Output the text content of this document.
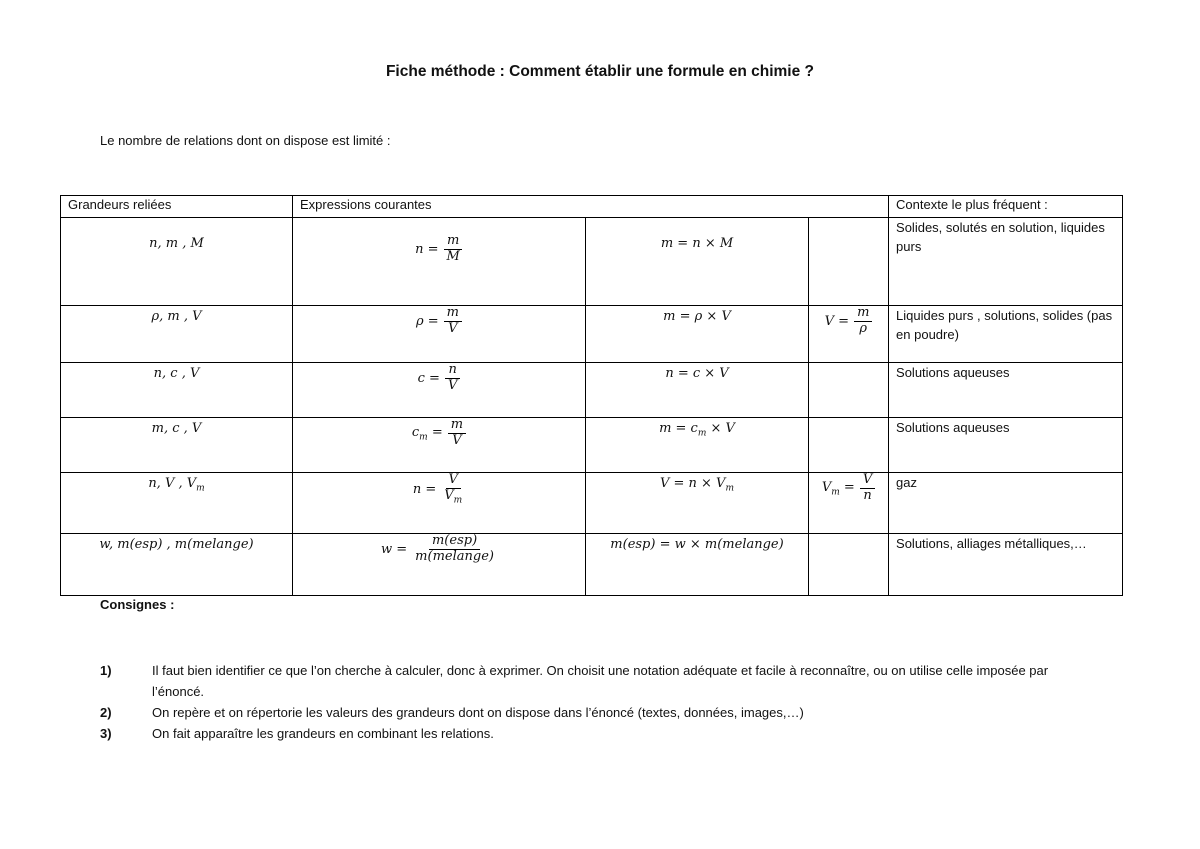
Fiche méthode : Comment établir une formule en chimie ?
Le nombre de relations dont on dispose est limité :
Grandeurs reliées	Expressions courantes			Contexte le plus fréquent :
n, m , M	$n = \frac{m}{M}$	m = n × M		Solides, solutés en solution, liquides purs
ρ, m , V	$\rho = \frac{m}{V}$	m = ρ × V	$V = \frac{m}{\rho}$	Liquides purs , solutions, solides (pas en poudre)
n, c , V	$c = \frac{n}{V}$	n = c × V		Solutions aqueuses
m, c , V	$c_m = \frac{m}{V}$	$m = c_m \times V$		Solutions aqueuses
n, V , $V_m$	$n = \frac{V}{V_m}$	$V = n \times V_m$	$V_m = \frac{V}{n}$	gaz
w, m(esp) , m(melange)	$w = \frac{\text{m(esp)}}{\text{m(melange)}}$	m(esp) = w × m(melange)		Solutions, alliages métalliques,…
Consignes :
1)	Il faut bien identifier ce que l’on cherche à calculer, donc à exprimer. On choisit une notation adéquate et facile à reconnaître, ou on utilise celle imposée par l’énoncé.
2)	On repère et on répertorie les valeurs des grandeurs dont on dispose dans l’énoncé (textes, données, images,…)
3)	On fait apparaître les grandeurs en combinant les relations.
